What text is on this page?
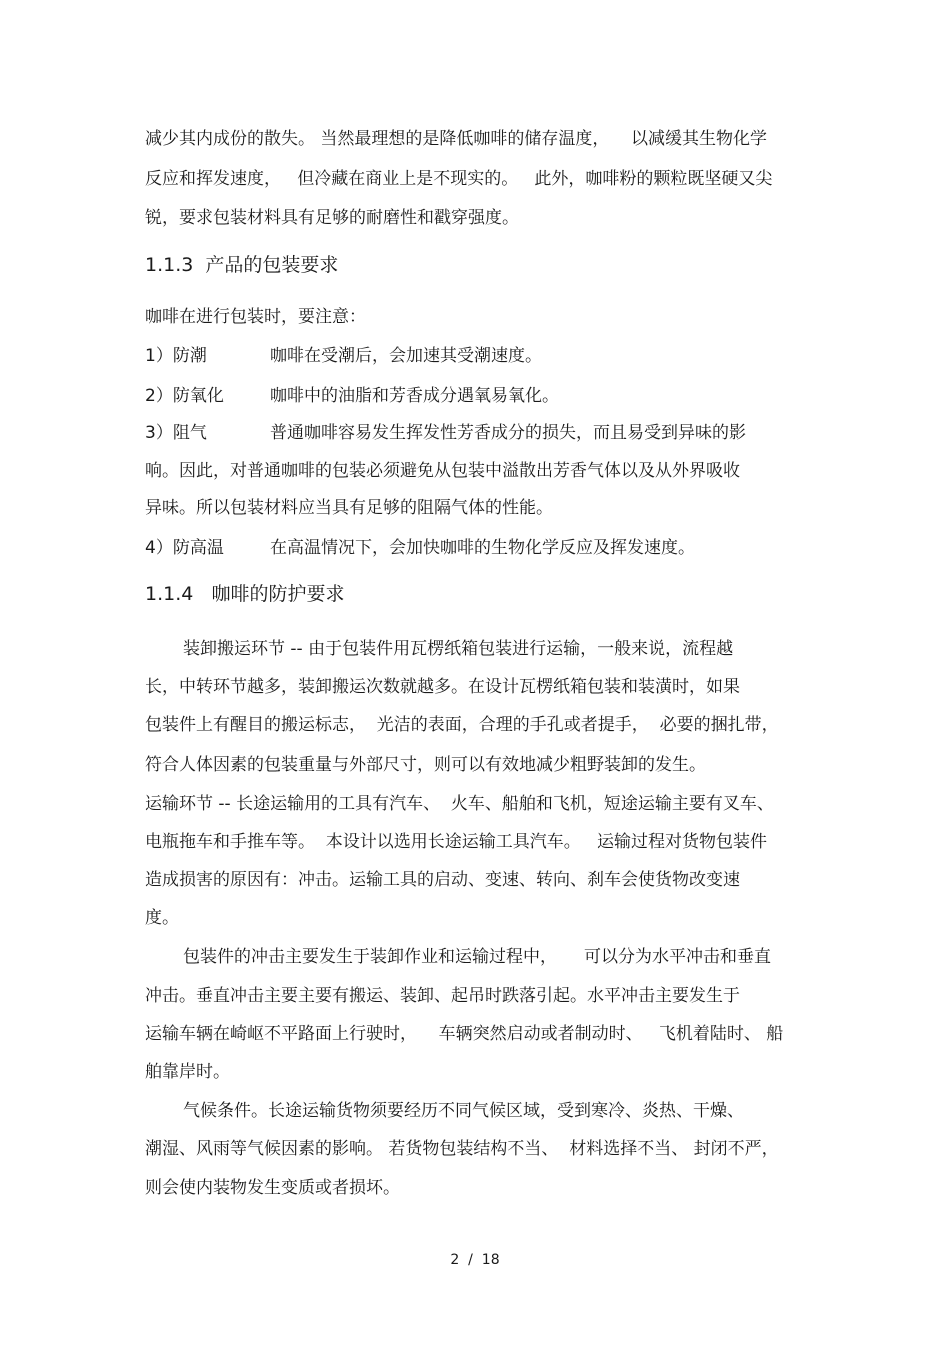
减少其内成份的散失。 当然最理想的是降低咖啡的储存温度，    以减缓其生物化学
反应和挥发速度，   但冷藏在商业上是不现实的。   此外，咖啡粉的颗粒既坚硬又尖
锐，要求包装材料具有足够的耐磨性和戳穿强度。
1.1.3  产品的包装要求
咖啡在进行包装时，要注意：
1）防潮	咖啡在受潮后，会加速其受潮速度。
2）防氧化	咖啡中的油脂和芳香成分遇氧易氧化。
3）阻气	普通咖啡容易发生挥发性芳香成分的损失，而且易受到异味的影
响。因此，对普通咖啡的包装必须避免从包装中溢散出芳香气体以及从外界吸收
异味。所以包装材料应当具有足够的阻隔气体的性能。
4）防高温	在高温情况下，会加快咖啡的生物化学反应及挥发速度。
1.1.4   咖啡的防护要求
装卸搬运环节 -- 由于包装件用瓦楞纸箱包装进行运输，一般来说，流程越
长，中转环节越多，装卸搬运次数就越多。在设计瓦楞纸箱包装和装潢时，如果
包装件上有醒目的搬运标志，  光洁的表面，合理的手孔或者提手，  必要的捆扎带，
符合人体因素的包装重量与外部尺寸，则可以有效地减少粗野装卸的发生。
运输环节 -- 长途运输用的工具有汽车、  火车、船舶和飞机，短途运输主要有叉车、
电瓶拖车和手推车等。  本设计以选用长途运输工具汽车。   运输过程对货物包装件
造成损害的原因有：冲击。运输工具的启动、变速、转向、刹车会使货物改变速
度。
包装件的冲击主要发生于装卸作业和运输过程中，     可以分为水平冲击和垂直
冲击。垂直冲击主要主要有搬运、装卸、起吊时跌落引起。水平冲击主要发生于
运输车辆在崎岖不平路面上行驶时，    车辆突然启动或者制动时、   飞机着陆时、 船
舶靠岸时。
气候条件。长途运输货物须要经历不同气候区域，受到寒冷、炎热、干燥、
潮湿、风雨等气候因素的影响。 若货物包装结构不当、  材料选择不当、 封闭不严，
则会使内装物发生变质或者损坏。
2  /  18
